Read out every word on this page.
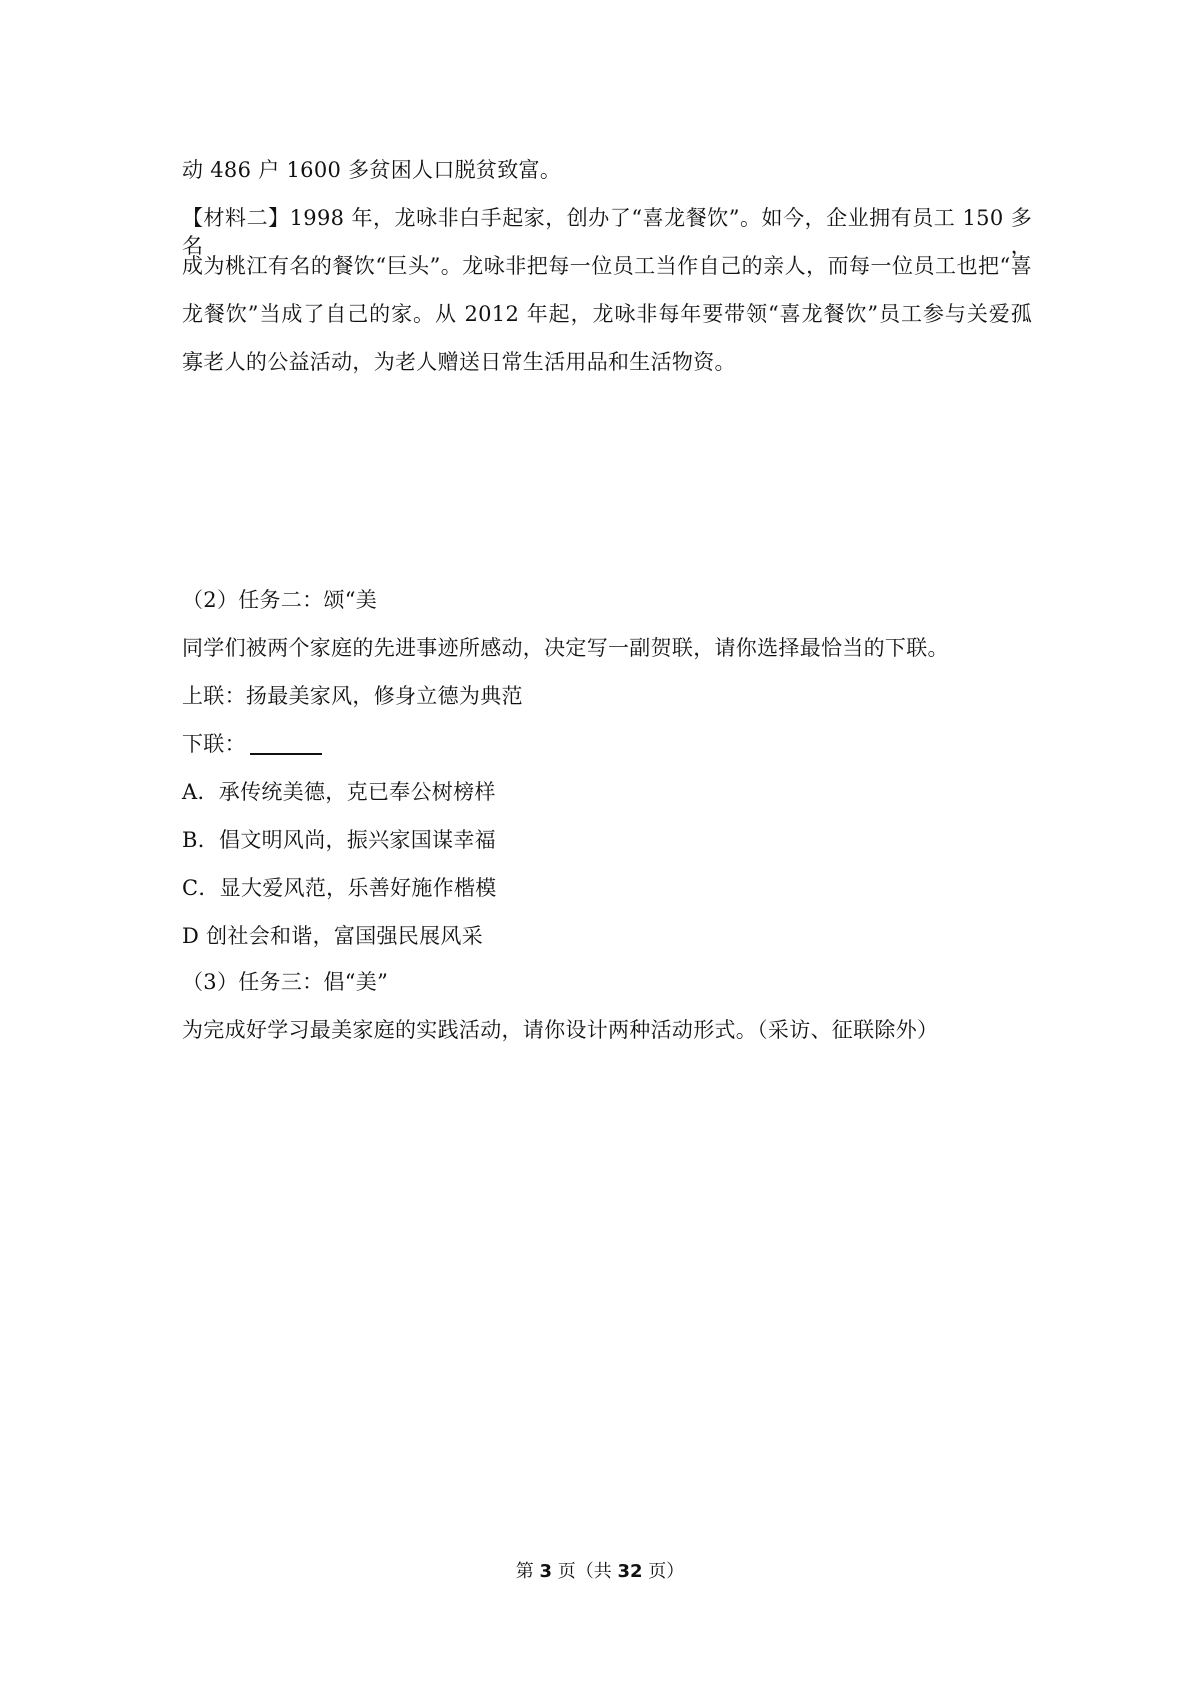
动 486 户 1600 多贫困人口脱贫致富。
【材料二】1998 年，龙咏非白手起家，创办了“喜龙餐饮”。如今，企业拥有员工 150 多名，
成为桃江有名的餐饮“巨头”。龙咏非把每一位员工当作自己的亲人，而每一位员工也把“喜
龙餐饮”当成了自己的家。从 2012 年起，龙咏非每年要带领“喜龙餐饮”员工参与关爱孤
寡老人的公益活动，为老人赠送日常生活用品和生活物资。
（2）任务二：颂“美
同学们被两个家庭的先进事迹所感动，决定写一副贺联，请你选择最恰当的下联。
上联：扬最美家风，修身立德为典范
下联：
A．承传统美德，克已奉公树榜样
B．倡文明风尚，振兴家国谋幸福
C．显大爱风范，乐善好施作楷模
D 创社会和谐，富国强民展风采
（3）任务三：倡“美”
为完成好学习最美家庭的实践活动，请你设计两种活动形式。（采访、征联除外）
第 3 页（共 32 页）
